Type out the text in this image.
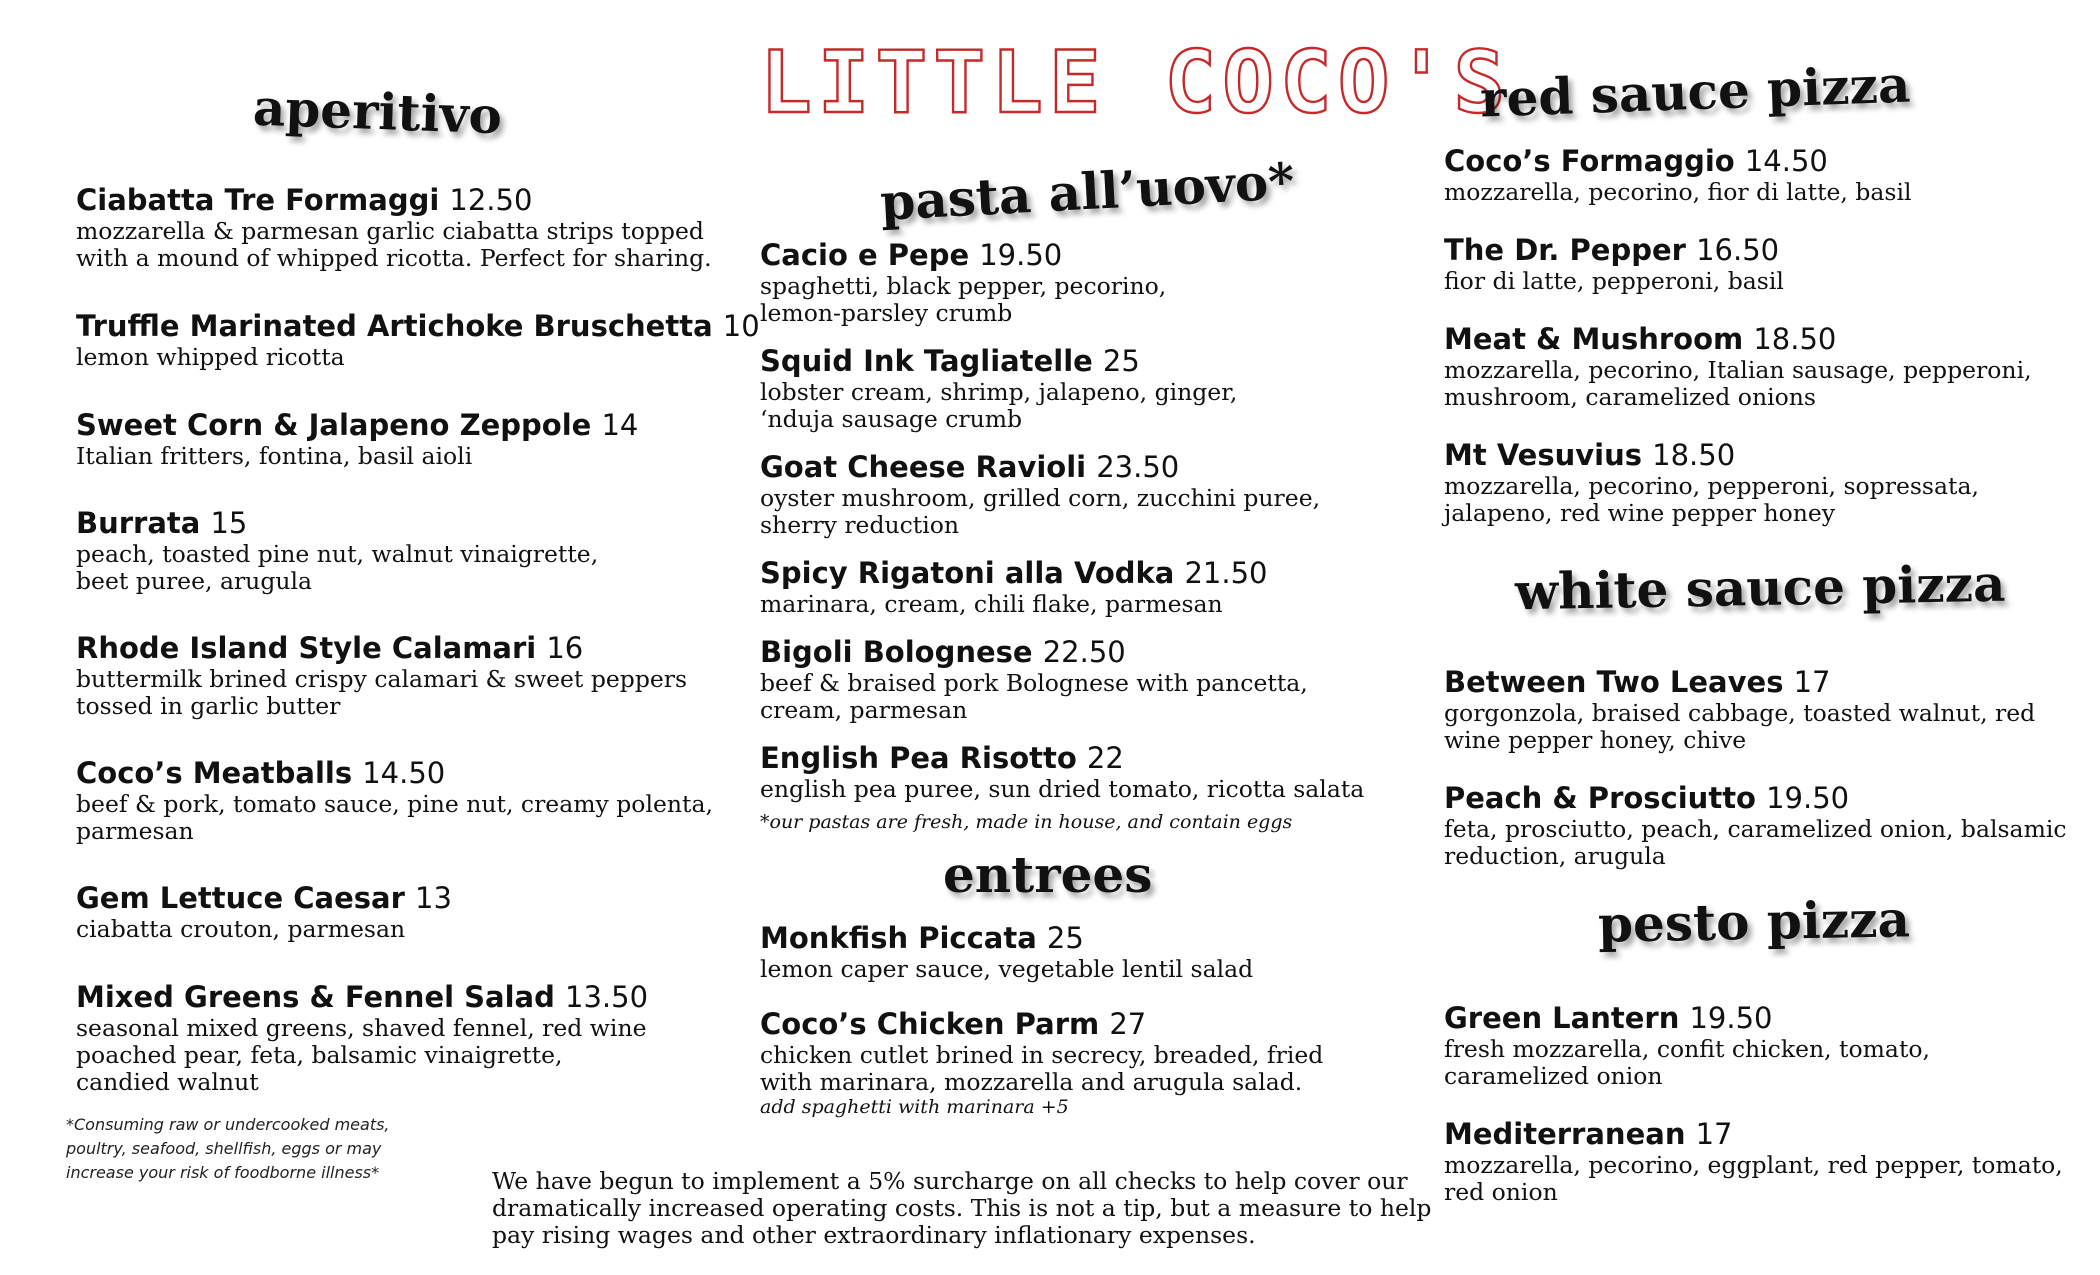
LITTLE COCO'S
aperitivo
pasta all’uovo*
entrees
red sauce pizza
white sauce pizza
pesto pizza
Ciabatta Tre Formaggi 12.50
mozzarella & parmesan garlic ciabatta strips topped
with a mound of whipped ricotta. Perfect for sharing.
Truffle Marinated Artichoke Bruschetta 10
lemon whipped ricotta
Sweet Corn & Jalapeno Zeppole 14
Italian fritters, fontina, basil aioli
Burrata 15
peach, toasted pine nut, walnut vinaigrette,
beet puree, arugula
Rhode Island Style Calamari 16
buttermilk brined crispy calamari & sweet peppers
tossed in garlic butter
Coco’s Meatballs 14.50
beef & pork, tomato sauce, pine nut, creamy polenta,
parmesan
Gem Lettuce Caesar 13
ciabatta crouton, parmesan
Mixed Greens & Fennel Salad 13.50
seasonal mixed greens, shaved fennel, red wine
poached pear, feta, balsamic vinaigrette,
candied walnut
Cacio e Pepe 19.50
spaghetti, black pepper, pecorino,
lemon-parsley crumb
Squid Ink Tagliatelle 25
lobster cream, shrimp, jalapeno, ginger,
‘nduja sausage crumb
Goat Cheese Ravioli 23.50
oyster mushroom, grilled corn, zucchini puree,
sherry reduction
Spicy Rigatoni alla Vodka 21.50
marinara, cream, chili flake, parmesan
Bigoli Bolognese 22.50
beef & braised pork Bolognese with pancetta,
cream, parmesan
English Pea Risotto 22
english pea puree, sun dried tomato, ricotta salata
*our pastas are fresh, made in house, and contain eggs
Monkfish Piccata 25
lemon caper sauce, vegetable lentil salad
Coco’s Chicken Parm 27
chicken cutlet brined in secrecy, breaded, fried
with marinara, mozzarella and arugula salad.
add spaghetti with marinara +5
Coco’s Formaggio 14.50
mozzarella, pecorino, fior di latte, basil
The Dr. Pepper 16.50
fior di latte, pepperoni, basil
Meat & Mushroom 18.50
mozzarella, pecorino, Italian sausage, pepperoni,
mushroom, caramelized onions
Mt Vesuvius 18.50
mozzarella, pecorino, pepperoni, sopressata,
jalapeno, red wine pepper honey
Between Two Leaves 17
gorgonzola, braised cabbage, toasted walnut, red
wine pepper honey, chive
Peach & Prosciutto 19.50
feta, prosciutto, peach, caramelized onion, balsamic
reduction, arugula
Green Lantern 19.50
fresh mozzarella, confit chicken, tomato,
caramelized onion
Mediterranean 17
mozzarella, pecorino, eggplant, red pepper, tomato,
red onion
*Consuming raw or undercooked meats,
poultry, seafood, shellfish, eggs or may
increase your risk of foodborne illness*	We have begun to implement a 5% surcharge on all checks to help cover our
dramatically increased operating costs. This is not a tip, but a measure to help
pay rising wages and other extraordinary inflationary expenses.
